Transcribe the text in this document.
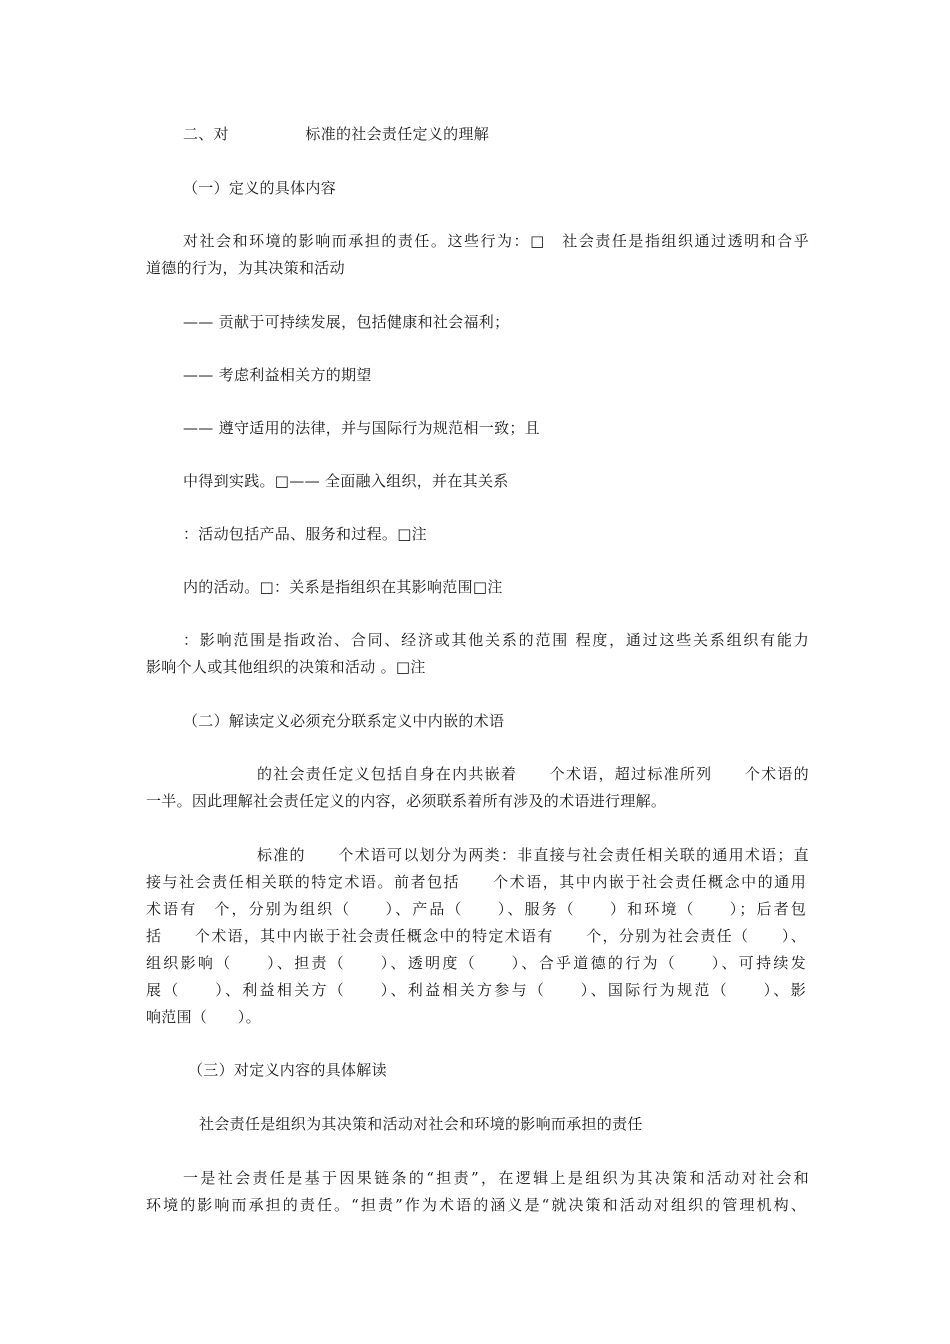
二、对　　　　　标准的社会责任定义的理解
（一）定义的具体内容
对社会和环境的影响而承担的责任。这些行为：□　社会责任是指组织通过透明和合乎
道德的行为，为其决策和活动
—— 贡献于可持续发展，包括健康和社会福利；
—— 考虑利益相关方的期望
—— 遵守适用的法律，并与国际行为规范相一致；且
中得到实践。□—— 全面融入组织，并在其关系
：活动包括产品、服务和过程。□注
内的活动。□：关系是指组织在其影响范围□注
：影响范围是指政治、合同、经济或其他关系的范围 程度，通过这些关系组织有能力
影响个人或其他组织的决策和活动 。□注
（二）解读定义必须充分联系定义中内嵌的术语
的社会责任定义包括自身在内共嵌着　　个术语，超过标准所列　　个术语的
一半。因此理解社会责任定义的内容，必须联系着所有涉及的术语进行理解。
标准的　　个术语可以划分为两类：非直接与社会责任相关联的通用术语；直
接与社会责任相关联的特定术语。前者包括　　个术语，其中内嵌于社会责任概念中的通用
术语有　个，分别为组织（　　）、产品（　　）、服务（　　）和环境（　　）；后者包
括　　个术语，其中内嵌于社会责任概念中的特定术语有　　个，分别为社会责任（　　）、
组织影响（　　）、担责（　　）、透明度（　　）、合乎道德的行为（　　）、可持续发
展（　　）、利益相关方（　　）、利益相关方参与（　　）、国际行为规范（　　）、影
响范围（　　）。
（三）对定义内容的具体解读
社会责任是组织为其决策和活动对社会和环境的影响而承担的责任
一是社会责任是基于因果链条的“担责”，在逻辑上是组织为其决策和活动对社会和
环境的影响而承担的责任。“担责”作为术语的涵义是“就决策和活动对组织的管理机构、
